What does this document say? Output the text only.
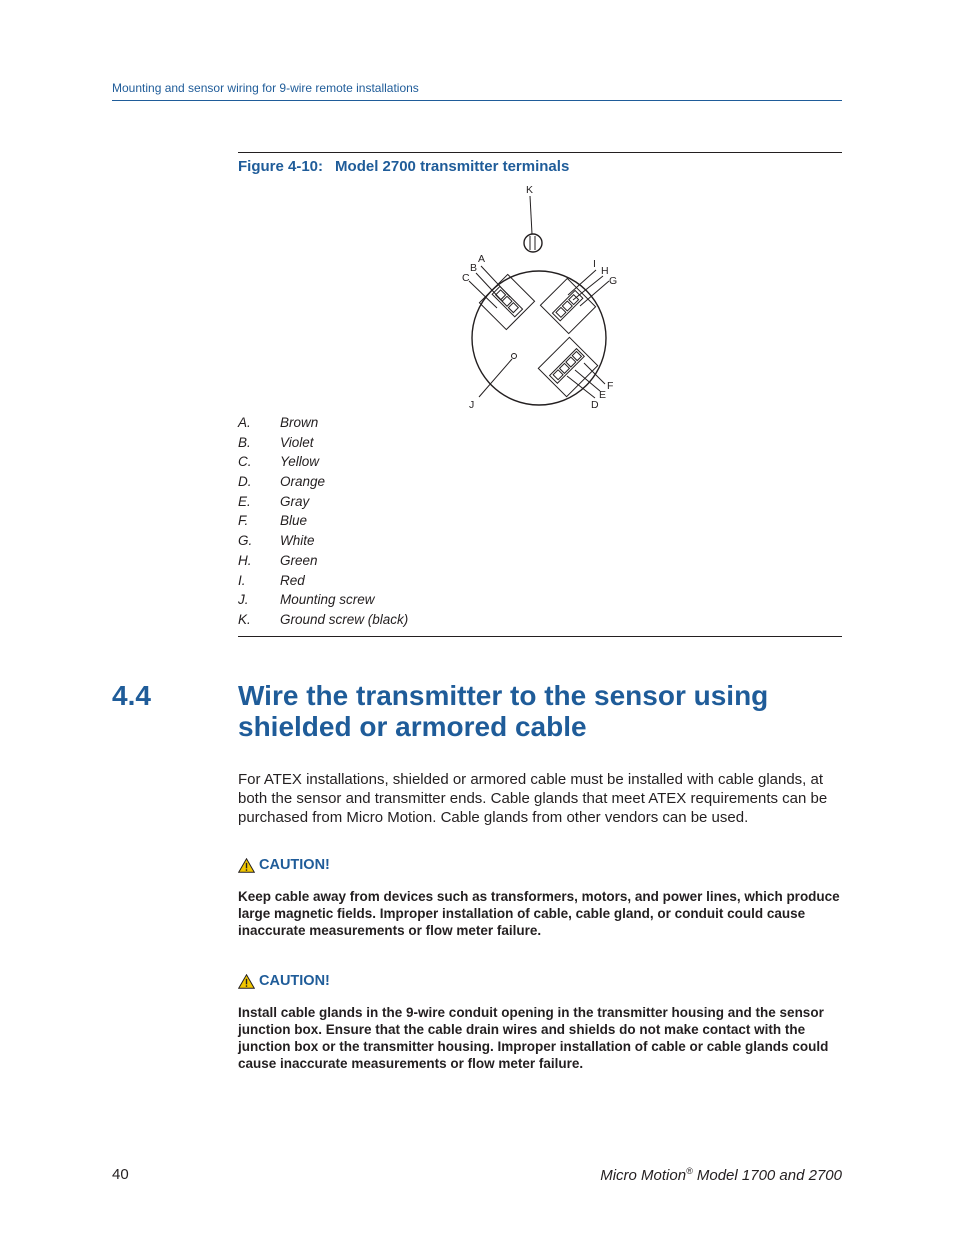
Mounting and sensor wiring for 9-wire remote installations
Figure 4-10: Model 2700 transmitter terminals
K
A
B
C
I
H
G
F
E
D
J
A.	Brown
B.	Violet
C.	Yellow
D.	Orange
E.	Gray
F.	Blue
G.	White
H.	Green
I.	Red
J.	Mounting screw
K.	Ground screw (black)
4.4	Wire the transmitter to the sensor using shielded or armored cable
For ATEX installations, shielded or armored cable must be installed with cable glands, at both the sensor and transmitter ends. Cable glands that meet ATEX requirements can be purchased from Micro Motion. Cable glands from other vendors can be used.
CAUTION!
Keep cable away from devices such as transformers, motors, and power lines, which produce large magnetic fields. Improper installation of cable, cable gland, or conduit could cause inaccurate measurements or flow meter failure.
CAUTION!
Install cable glands in the 9-wire conduit opening in the transmitter housing and the sensor junction box. Ensure that the cable drain wires and shields do not make contact with the junction box or the transmitter housing. Improper installation of cable or cable glands could cause inaccurate measurements or flow meter failure.
40	Micro Motion® Model 1700 and 2700
